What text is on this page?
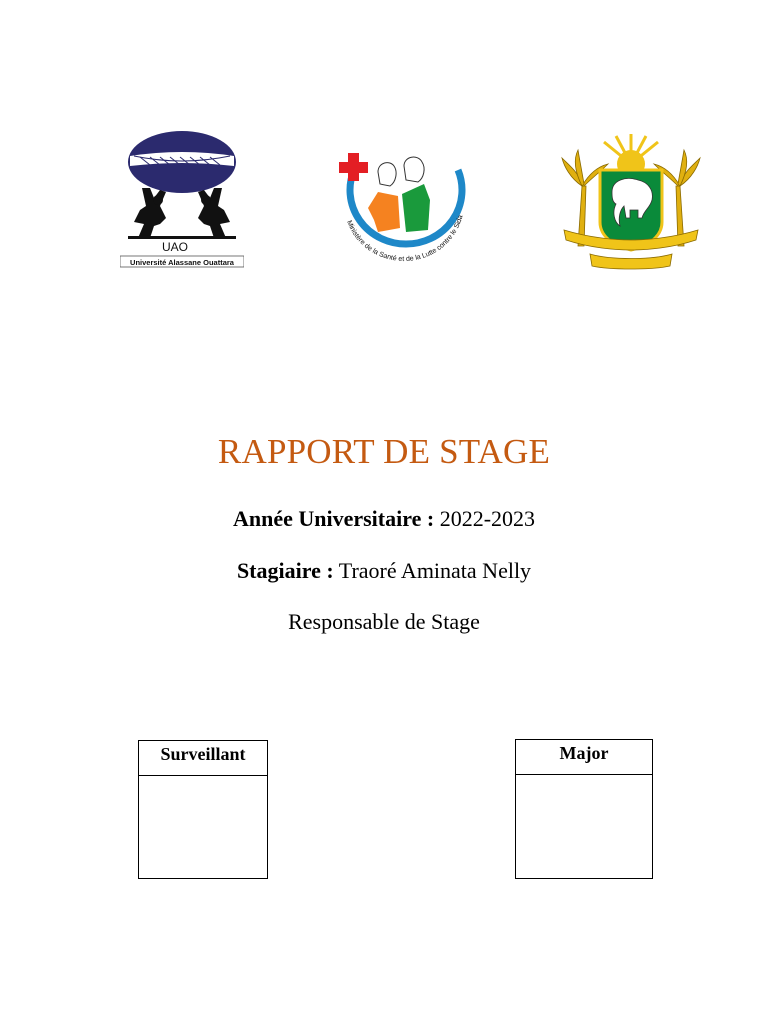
UAO
Université Alassane Ouattara
Ministère de la Santé et de la Lutte contre le Sida
RAPPORT DE STAGE
Année Universitaire : 2022-2023
Stagiaire : Traoré Aminata Nelly
Responsable de Stage
Surveillant	Major
